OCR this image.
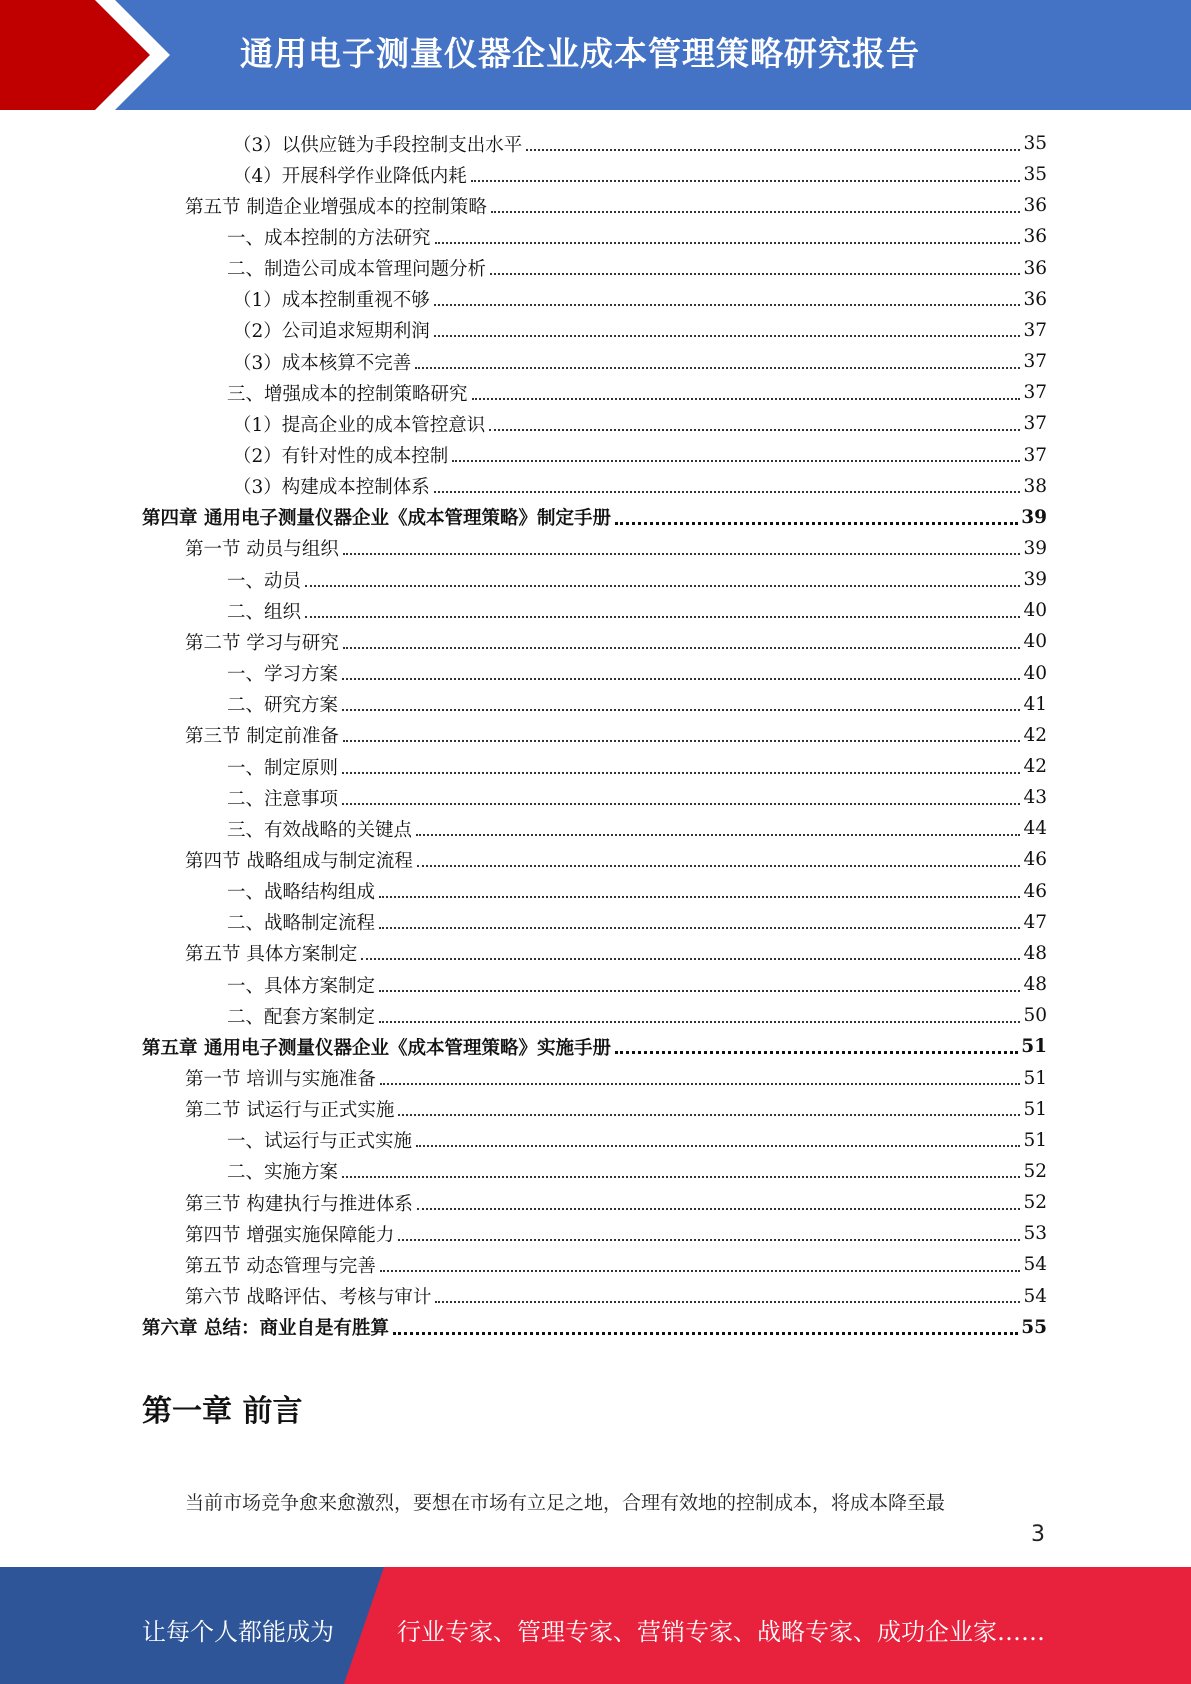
通用电子测量仪器企业成本管理策略研究报告
（3）以供应链为手段控制支出水平	35
（4）开展科学作业降低内耗	35
第五节 制造企业增强成本的控制策略	36
一、成本控制的方法研究	36
二、制造公司成本管理问题分析	36
（1）成本控制重视不够	36
（2）公司追求短期利润	37
（3）成本核算不完善	37
三、增强成本的控制策略研究	37
（1）提高企业的成本管控意识	37
（2）有针对性的成本控制	37
（3）构建成本控制体系	38
第四章 通用电子测量仪器企业《成本管理策略》制定手册	39
第一节 动员与组织	39
一、动员	39
二、组织	40
第二节 学习与研究	40
一、学习方案	40
二、研究方案	41
第三节 制定前准备	42
一、制定原则	42
二、注意事项	43
三、有效战略的关键点	44
第四节 战略组成与制定流程	46
一、战略结构组成	46
二、战略制定流程	47
第五节 具体方案制定	48
一、具体方案制定	48
二、配套方案制定	50
第五章 通用电子测量仪器企业《成本管理策略》实施手册	51
第一节 培训与实施准备	51
第二节 试运行与正式实施	51
一、试运行与正式实施	51
二、实施方案	52
第三节 构建执行与推进体系	52
第四节 增强实施保障能力	53
第五节 动态管理与完善	54
第六节 战略评估、考核与审计	54
第六章 总结：商业自是有胜算	55
第一章 前言
当前市场竞争愈来愈激烈，要想在市场有立足之地，合理有效地的控制成本，将成本降至最
3
让每个人都能成为	行业专家、管理专家、营销专家、战略专家、成功企业家……
